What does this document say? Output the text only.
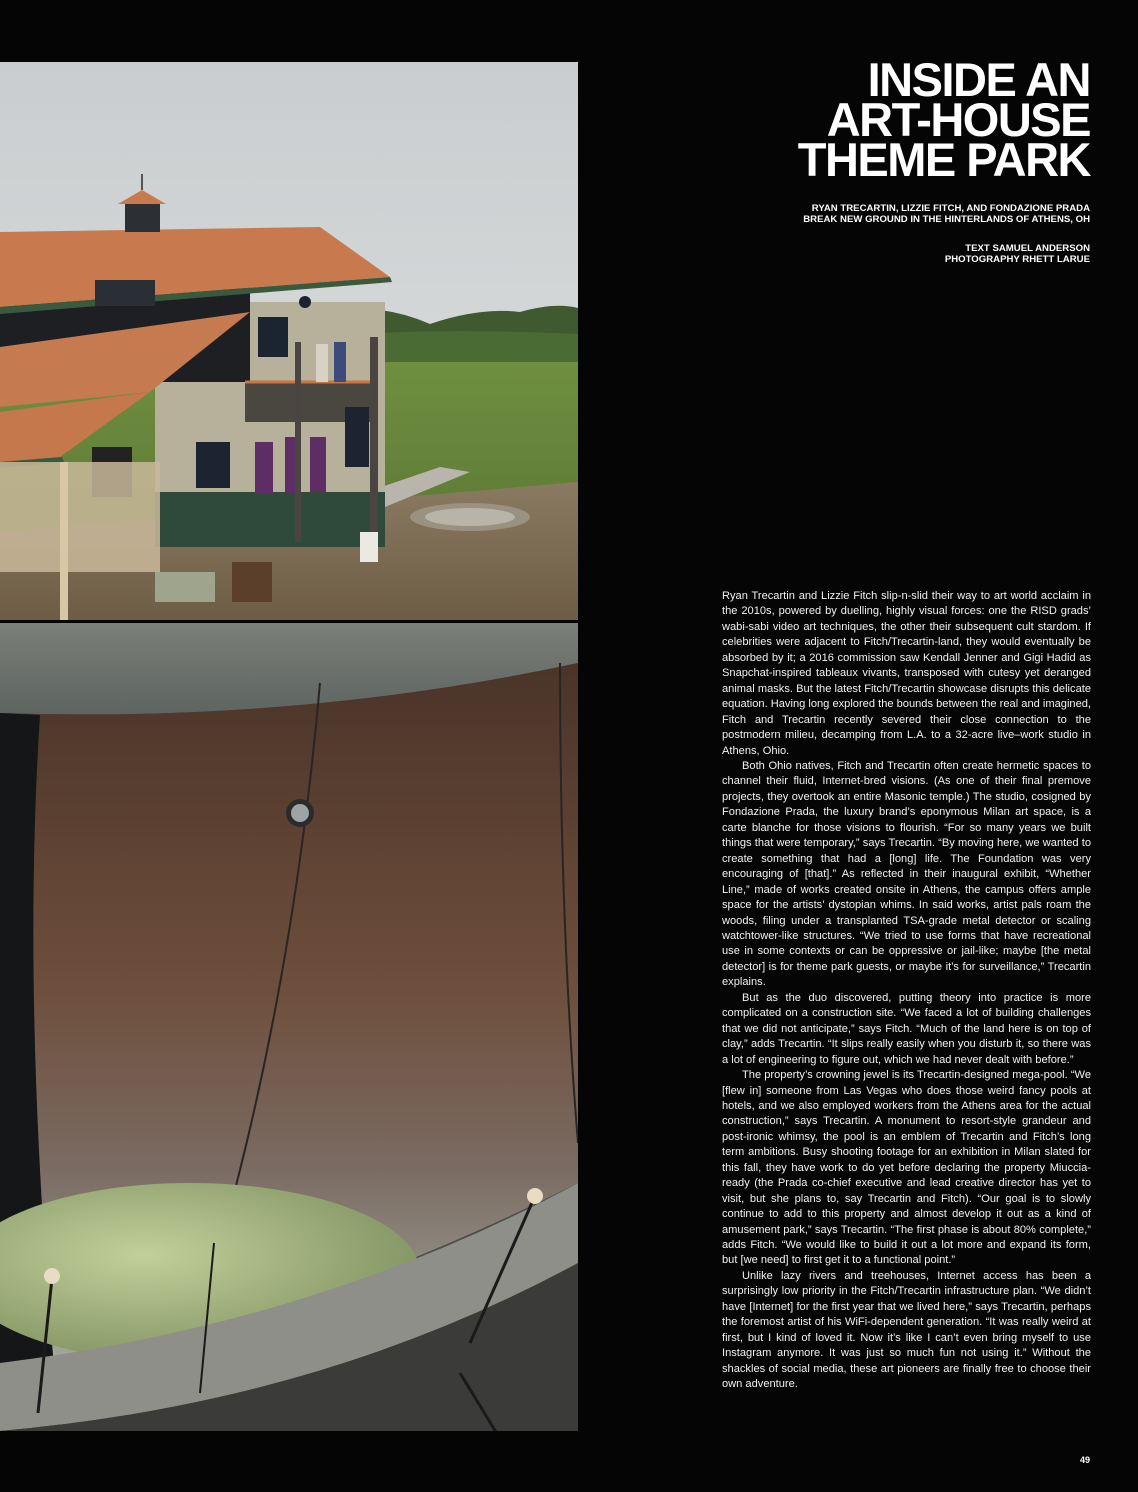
INSIDE AN
ART-HOUSE
THEME PARK
RYAN TRECARTIN, LIZZIE FITCH, AND FONDAZIONE PRADA
BREAK NEW GROUND IN THE HINTERLANDS OF ATHENS, OH
TEXT SAMUEL ANDERSON
PHOTOGRAPHY RHETT LARUE

Ryan Trecartin and Lizzie Fitch slip-n-slid their way to art world acclaim in the 2010s, powered by duelling, highly visual forces: one the RISD grads’ wabi-sabi video art techniques, the other their subsequent cult stardom. If celebrities were adjacent to Fitch/Trecartin-land, they would eventually be absorbed by it; a 2016 commission saw Kendall Jenner and Gigi Hadid as Snapchat-inspired tableaux vivants, transposed with cutesy yet deranged animal masks. But the latest Fitch/Trecartin showcase disrupts this delicate equation. Having long explored the bounds between the real and imagined, Fitch and Trecartin recently severed their close connection to the postmodern milieu, decamping from L.A. to a 32-acre live–work studio in Athens, Ohio.

Both Ohio natives, Fitch and Trecartin often create hermetic spaces to channel their fluid, Internet-bred visions. (As one of their final premove projects, they overtook an entire Masonic temple.) The studio, cosigned by Fondazione Prada, the luxury brand’s eponymous Milan art space, is a carte blanche for those visions to flourish. “For so many years we built things that were temporary,” says Trecartin. “By moving here, we wanted to create something that had a [long] life. The Foundation was very encouraging of [that].” As reflected in their inaugural exhibit, “Whether Line,” made of works created onsite in Athens, the campus offers ample space for the artists’ dystopian whims. In said works, artist pals roam the woods, filing under a transplanted TSA-grade metal detector or scaling watchtower-like structures. “We tried to use forms that have recreational use in some contexts or can be oppressive or jail-like; maybe [the metal detector] is for theme park guests, or maybe it’s for surveillance,” Trecartin explains.

But as the duo discovered, putting theory into practice is more complicated on a construction site. “We faced a lot of building challenges that we did not anticipate,” says Fitch. “Much of the land here is on top of clay,” adds Trecartin. “It slips really easily when you disturb it, so there was a lot of engineering to figure out, which we had never dealt with before.”

The property’s crowning jewel is its Trecartin-designed mega-pool. “We [flew in] someone from Las Vegas who does those weird fancy pools at hotels, and we also employed workers from the Athens area for the actual construction,” says Trecartin. A monument to resort-style grandeur and post-ironic whimsy, the pool is an emblem of Trecartin and Fitch’s long term ambitions. Busy shooting footage for an exhibition in Milan slated for this fall, they have work to do yet before declaring the property Miuccia-ready (the Prada co-chief executive and lead creative director has yet to visit, but she plans to, say Trecartin and Fitch). “Our goal is to slowly continue to add to this property and almost develop it out as a kind of amusement park,” says Trecartin. “The first phase is about 80% complete,” adds Fitch. “We would like to build it out a lot more and expand its form, but [we need] to first get it to a functional point.”

Unlike lazy rivers and treehouses, Internet access has been a surprisingly low priority in the Fitch/Trecartin infrastructure plan. “We didn’t have [Internet] for the first year that we lived here,” says Trecartin, perhaps the foremost artist of his WiFi-dependent generation. “It was really weird at first, but I kind of loved it. Now it’s like I can’t even bring myself to use Instagram anymore. It was just so much fun not using it.” Without the shackles of social media, these art pioneers are finally free to choose their own adventure.

49
